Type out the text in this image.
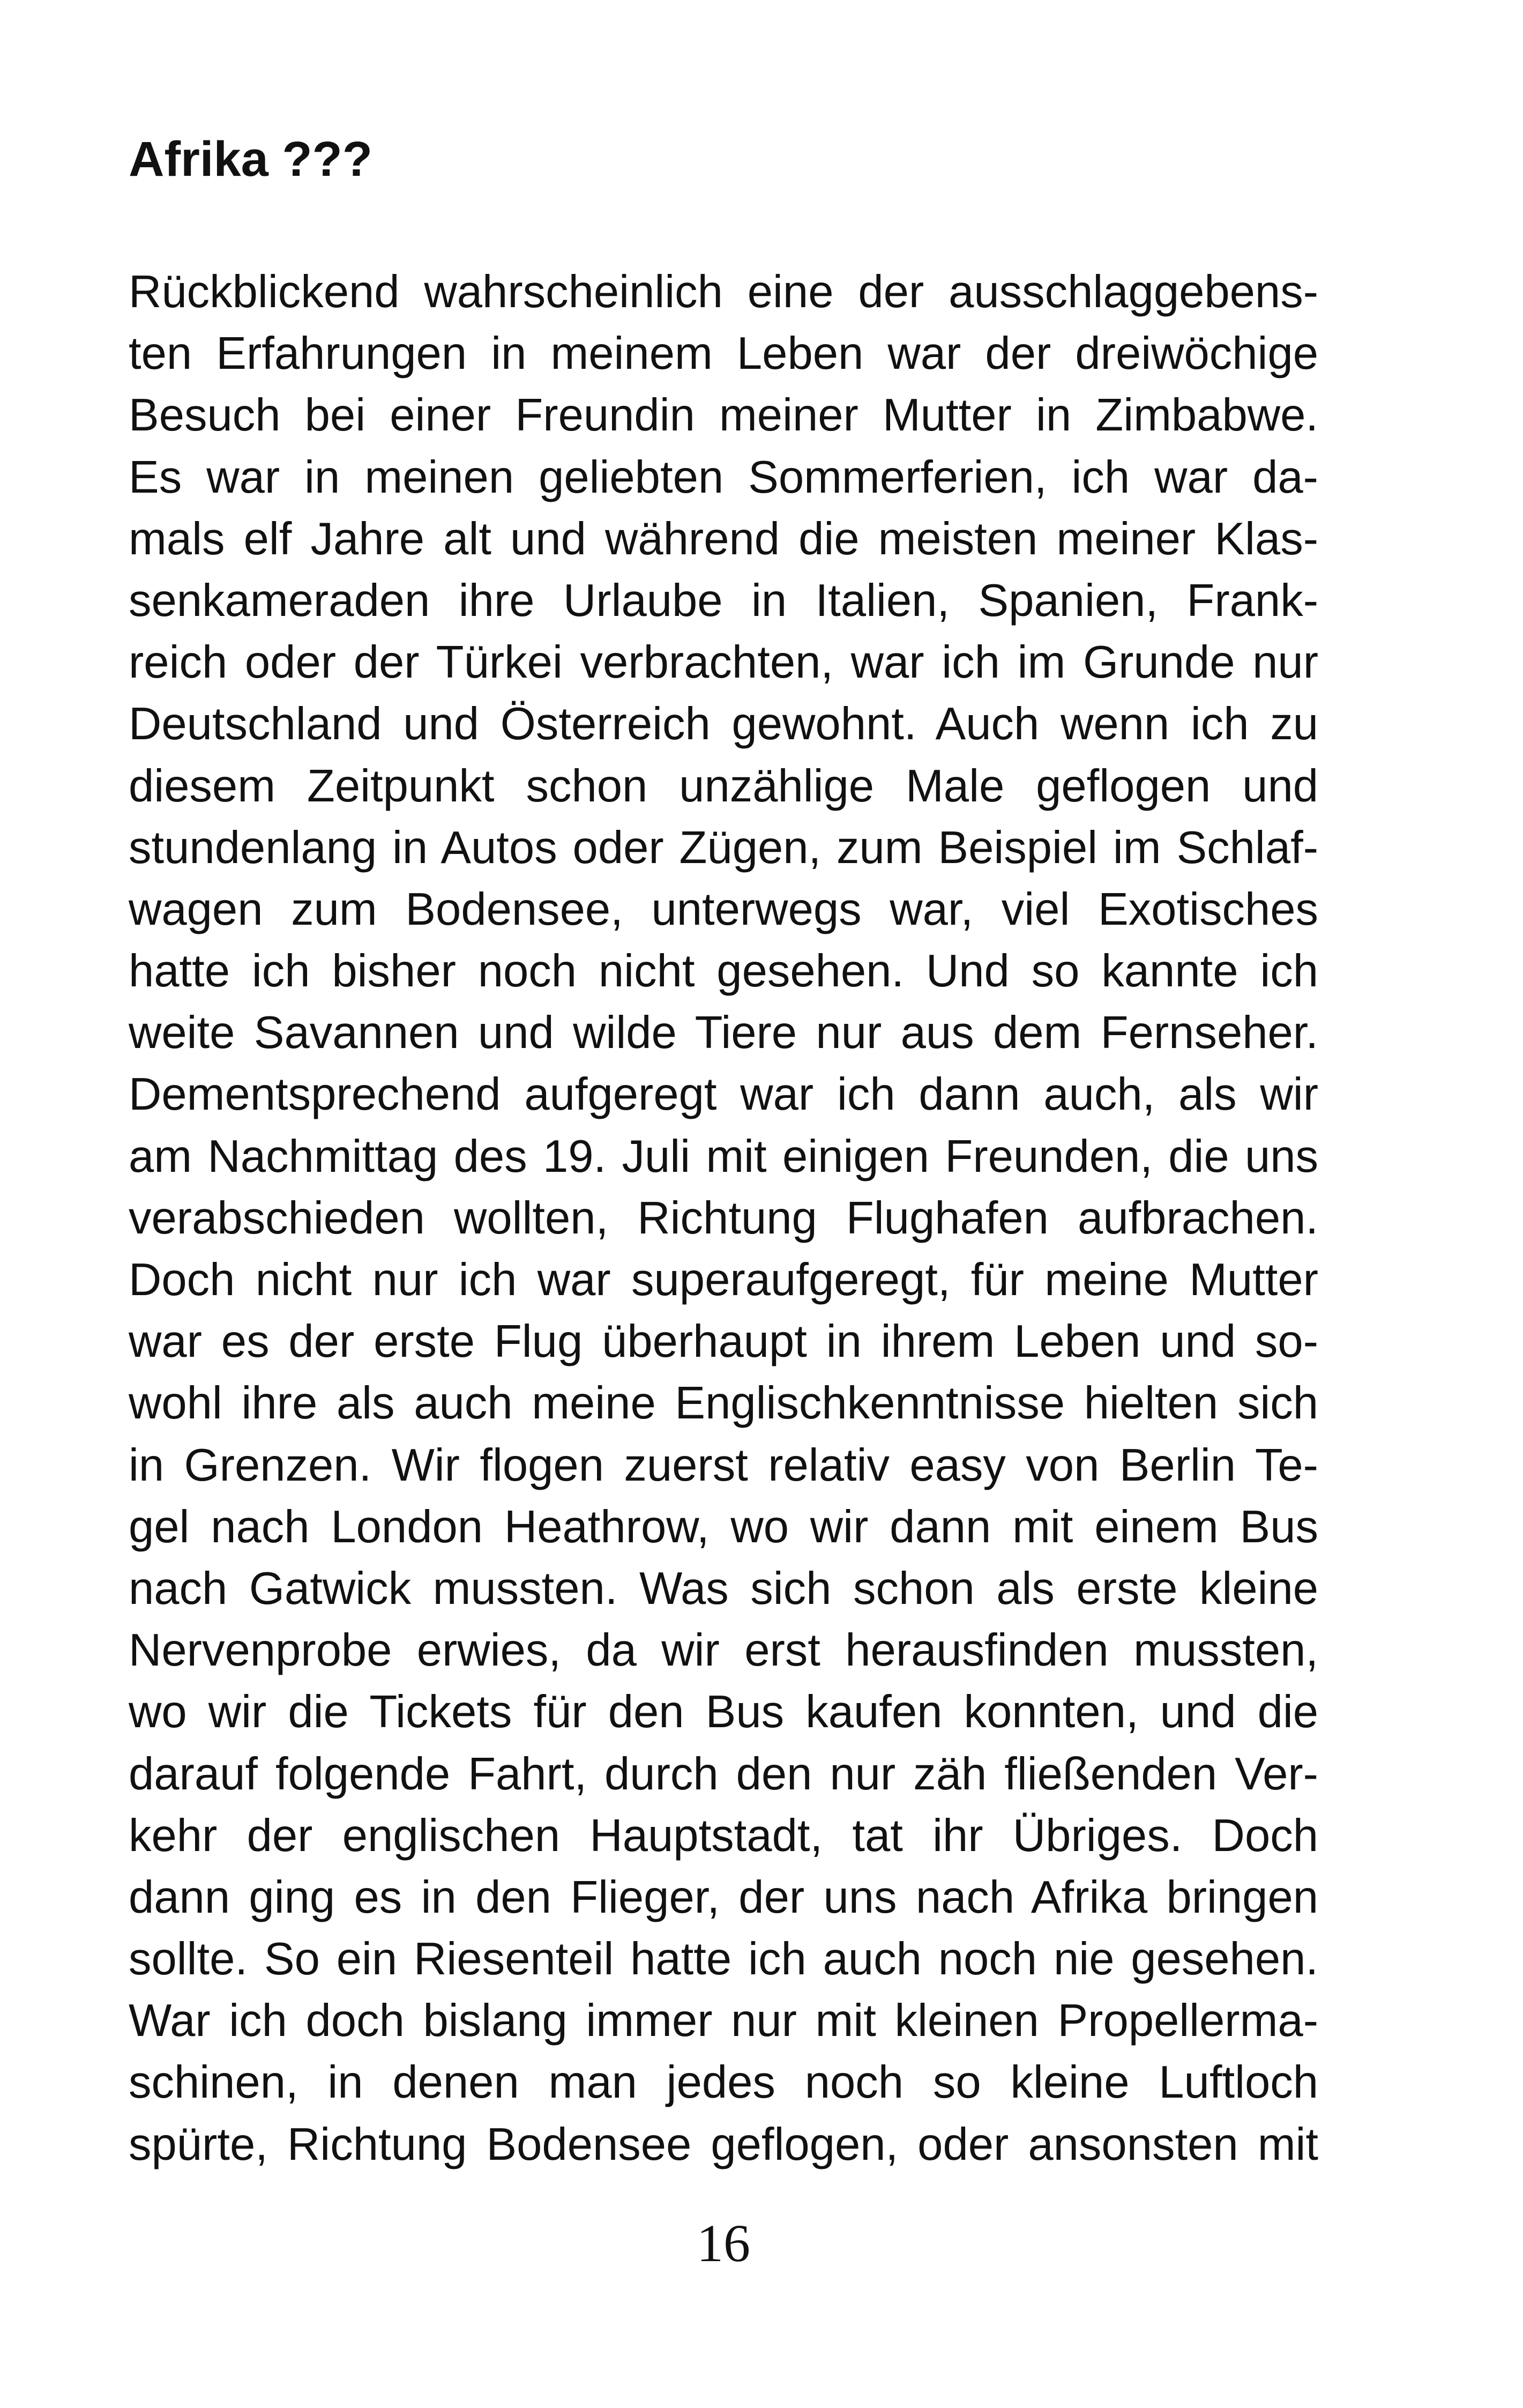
Afrika ???
Rückblickend wahrscheinlich eine der ausschlaggebens-
ten Erfahrungen in meinem Leben war der dreiwöchige
Besuch bei einer Freundin meiner Mutter in Zimbabwe.
Es war in meinen geliebten Sommerferien, ich war da-
mals elf Jahre alt und während die meisten meiner Klas-
senkameraden ihre Urlaube in Italien, Spanien, Frank-
reich oder der Türkei verbrachten, war ich im Grunde nur
Deutschland und Österreich gewohnt. Auch wenn ich zu
diesem Zeitpunkt schon unzählige Male geflogen und
stundenlang in Autos oder Zügen, zum Beispiel im Schlaf-
wagen zum Bodensee, unterwegs war, viel Exotisches
hatte ich bisher noch nicht gesehen. Und so kannte ich
weite Savannen und wilde Tiere nur aus dem Fernseher.
Dementsprechend aufgeregt war ich dann auch, als wir
am Nachmittag des 19. Juli mit einigen Freunden, die uns
verabschieden wollten, Richtung Flughafen aufbrachen.
Doch nicht nur ich war superaufgeregt, für meine Mutter
war es der erste Flug überhaupt in ihrem Leben und so-
wohl ihre als auch meine Englischkenntnisse hielten sich
in Grenzen. Wir flogen zuerst relativ easy von Berlin Te-
gel nach London Heathrow, wo wir dann mit einem Bus
nach Gatwick mussten. Was sich schon als erste kleine
Nervenprobe erwies, da wir erst herausfinden mussten,
wo wir die Tickets für den Bus kaufen konnten, und die
darauf folgende Fahrt, durch den nur zäh fließenden Ver-
kehr der englischen Hauptstadt, tat ihr Übriges. Doch
dann ging es in den Flieger, der uns nach Afrika bringen
sollte. So ein Riesenteil hatte ich auch noch nie gesehen.
War ich doch bislang immer nur mit kleinen Propellerma-
schinen, in denen man jedes noch so kleine Luftloch
spürte, Richtung Bodensee geflogen, oder ansonsten mit
16
